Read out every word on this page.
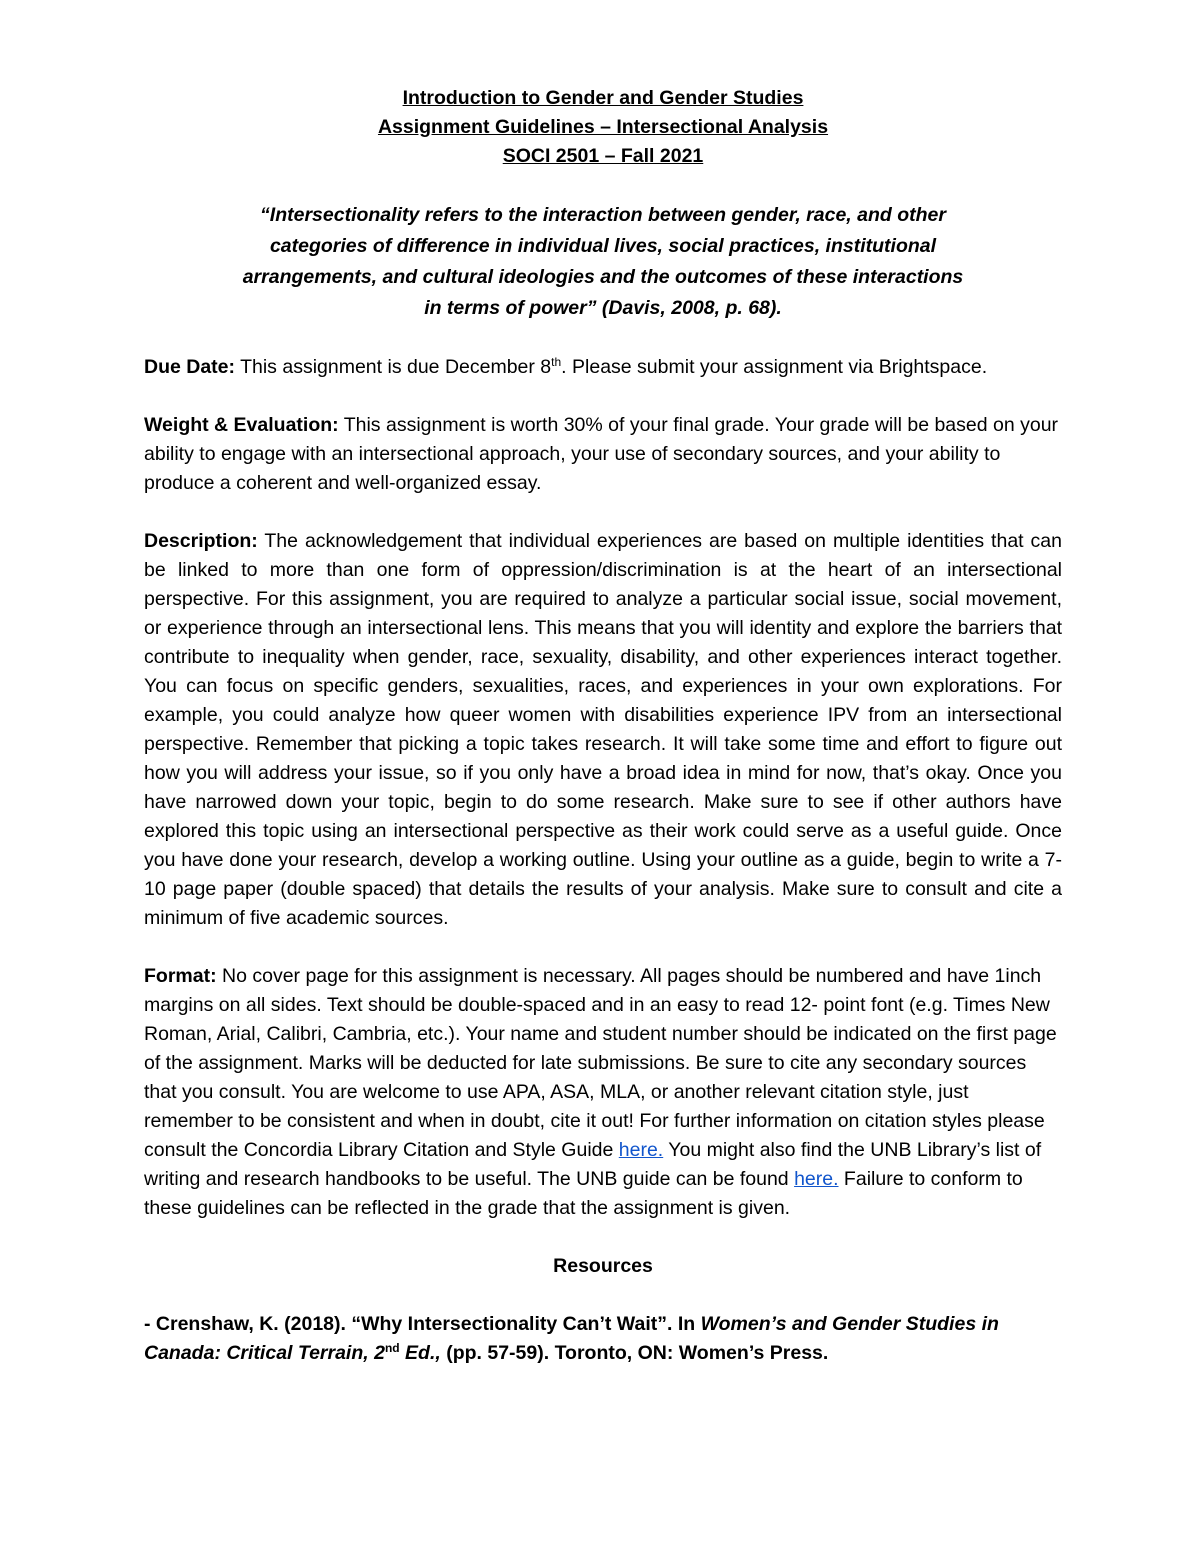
Introduction to Gender and Gender Studies
Assignment Guidelines – Intersectional Analysis
SOCI 2501 – Fall 2021
“Intersectionality refers to the interaction between gender, race, and other
categories of difference in individual lives, social practices, institutional
arrangements, and cultural ideologies and the outcomes of these interactions
in terms of power” (Davis, 2008, p. 68).

Due Date: This assignment is due December 8th. Please submit your assignment via Brightspace.

Weight & Evaluation: This assignment is worth 30% of your final grade. Your grade will be based on your ability to engage with an intersectional approach, your use of secondary sources, and your ability to produce a coherent and well-organized essay.

Description: The acknowledgement that individual experiences are based on multiple identities that can be linked to more than one form of oppression/discrimination is at the heart of an intersectional perspective. For this assignment, you are required to analyze a particular social issue, social movement, or experience through an intersectional lens. This means that you will identity and explore the barriers that contribute to inequality when gender, race, sexuality, disability, and other experiences interact together. You can focus on specific genders, sexualities, races, and experiences in your own explorations. For example, you could analyze how queer women with disabilities experience IPV from an intersectional perspective. Remember that picking a topic takes research. It will take some time and effort to figure out how you will address your issue, so if you only have a broad idea in mind for now, that’s okay. Once you have narrowed down your topic, begin to do some research. Make sure to see if other authors have explored this topic using an intersectional perspective as their work could serve as a useful guide. Once you have done your research, develop a working outline. Using your outline as a guide, begin to write a 7-10 page paper (double spaced) that details the results of your analysis. Make sure to consult and cite a minimum of five academic sources.

Format: No cover page for this assignment is necessary. All pages should be numbered and have 1inch margins on all sides. Text should be double-spaced and in an easy to read 12- point font (e.g. Times New Roman, Arial, Calibri, Cambria, etc.). Your name and student number should be indicated on the first page of the assignment. Marks will be deducted for late submissions. Be sure to cite any secondary sources that you consult. You are welcome to use APA, ASA, MLA, or another relevant citation style, just remember to be consistent and when in doubt, cite it out! For further information on citation styles please consult the Concordia Library Citation and Style Guide here. You might also find the UNB Library’s list of writing and research handbooks to be useful. The UNB guide can be found here. Failure to conform to these guidelines can be reflected in the grade that the assignment is given.

Resources
- Crenshaw, K. (2018). “Why Intersectionality Can’t Wait”. In Women’s and Gender Studies in Canada: Critical Terrain, 2nd Ed., (pp. 57-59). Toronto, ON: Women’s Press.
